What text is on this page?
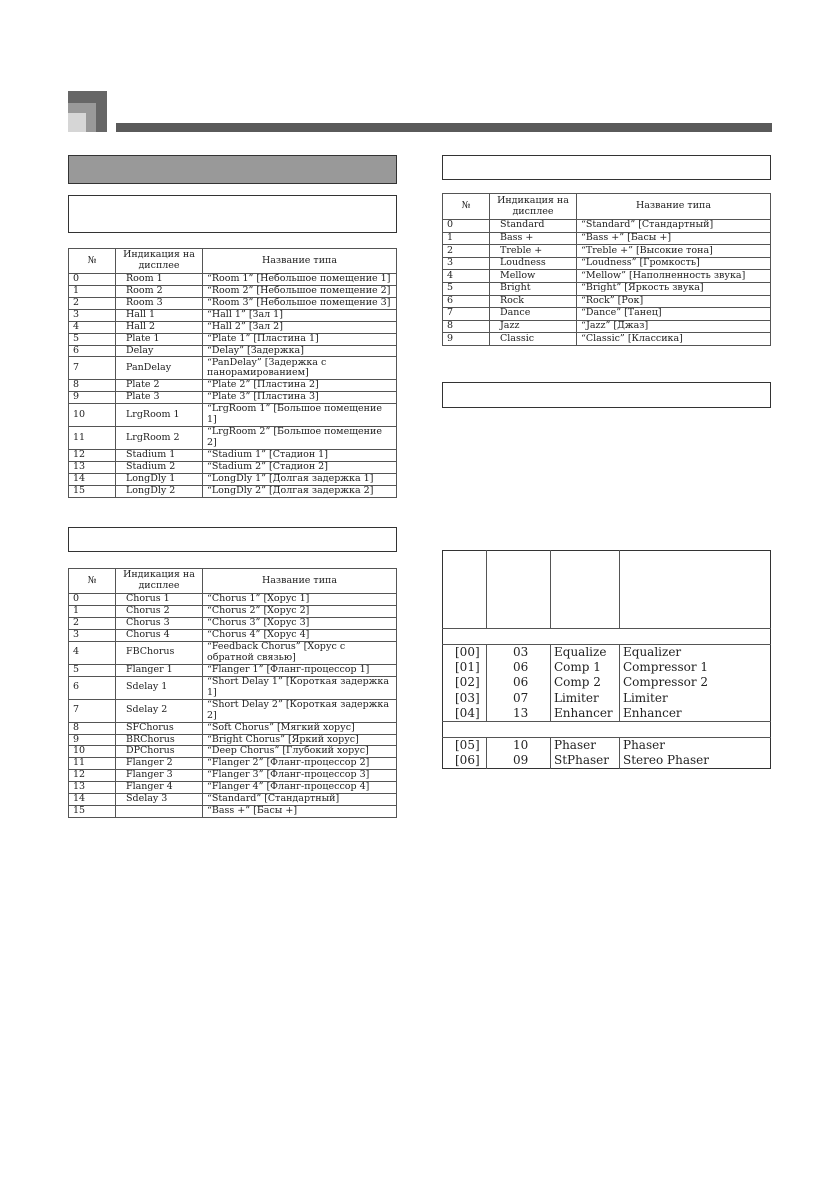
№	Индикация на дисплее	Название типа
0	Room 1	“Room 1” [Небольшое помещение 1]
1	Room 2	“Room 2” [Небольшое помещение 2]
2	Room 3	“Room 3” [Небольшое помещение 3]
3	Hall 1	“Hall 1” [Зал 1]
4	Hall 2	“Hall 2” [Зал 2]
5	Plate 1	“Plate 1” [Пластина 1]
6	Delay	“Delay” [Задержка]
7	PanDelay	“PanDelay” [Задержка с панорамированием]
8	Plate 2	“Plate 2” [Пластина 2]
9	Plate 3	“Plate 3” [Пластина 3]
10	LrgRoom 1	“LrgRoom 1” [Большое помещение 1]
11	LrgRoom 2	“LrgRoom 2” [Большое помещение 2]
12	Stadium 1	“Stadium 1” [Стадион 1]
13	Stadium 2	“Stadium 2” [Стадион 2]
14	LongDly 1	“LongDly 1” [Долгая задержка 1]
15	LongDly 2	“LongDly 2” [Долгая задержка 2]
№	Индикация на дисплее	Название типа
0	Chorus 1	“Chorus 1” [Хорус 1]
1	Chorus 2	“Chorus 2” [Хорус 2]
2	Chorus 3	“Chorus 3” [Хорус 3]
3	Chorus 4	“Chorus 4” [Хорус 4]
4	FBChorus	“Feedback Chorus” [Хорус с обратной связью]
5	Flanger 1	“Flanger 1” [Фланг-процессор 1]
6	Sdelay 1	“Short Delay 1” [Короткая задержка 1]
7	Sdelay 2	“Short Delay 2” [Короткая задержка 2]
8	SFChorus	“Soft Chorus” [Мягкий хорус]
9	BRChorus	“Bright Chorus” [Яркий хорус]
10	DPChorus	“Deep Chorus” [Глубокий хорус]
11	Flanger 2	“Flanger 2” [Фланг-процессор 2]
12	Flanger 3	“Flanger 3” [Фланг-процессор 3]
13	Flanger 4	“Flanger 4” [Фланг-процессор 4]
14	Sdelay 3	“Standard” [Стандартный]
15		“Bass +” [Басы +]
№	Индикация на дисплее	Название типа
0	Standard	“Standard” [Стандартный]
1	Bass +	“Bass +” [Басы +]
2	Treble +	“Treble +” [Высокие тона]
3	Loudness	“Loudness” [Громкость]
4	Mellow	“Mellow” [Наполненность звука]
5	Bright	“Bright” [Яркость звука]
6	Rock	“Rock” [Рок]
7	Dance	“Dance” [Танец]
8	Jazz	“Jazz” [Джаз]
9	Classic	“Classic” [Классика]

[00]	03	Equalize	Equalizer
[01]	06	Comp 1	Compressor 1
[02]	06	Comp 2	Compressor 2
[03]	07	Limiter	Limiter
[04]	13	Enhancer	Enhancer

[05]	10	Phaser	Phaser
[06]	09	StPhaser	Stereo Phaser
